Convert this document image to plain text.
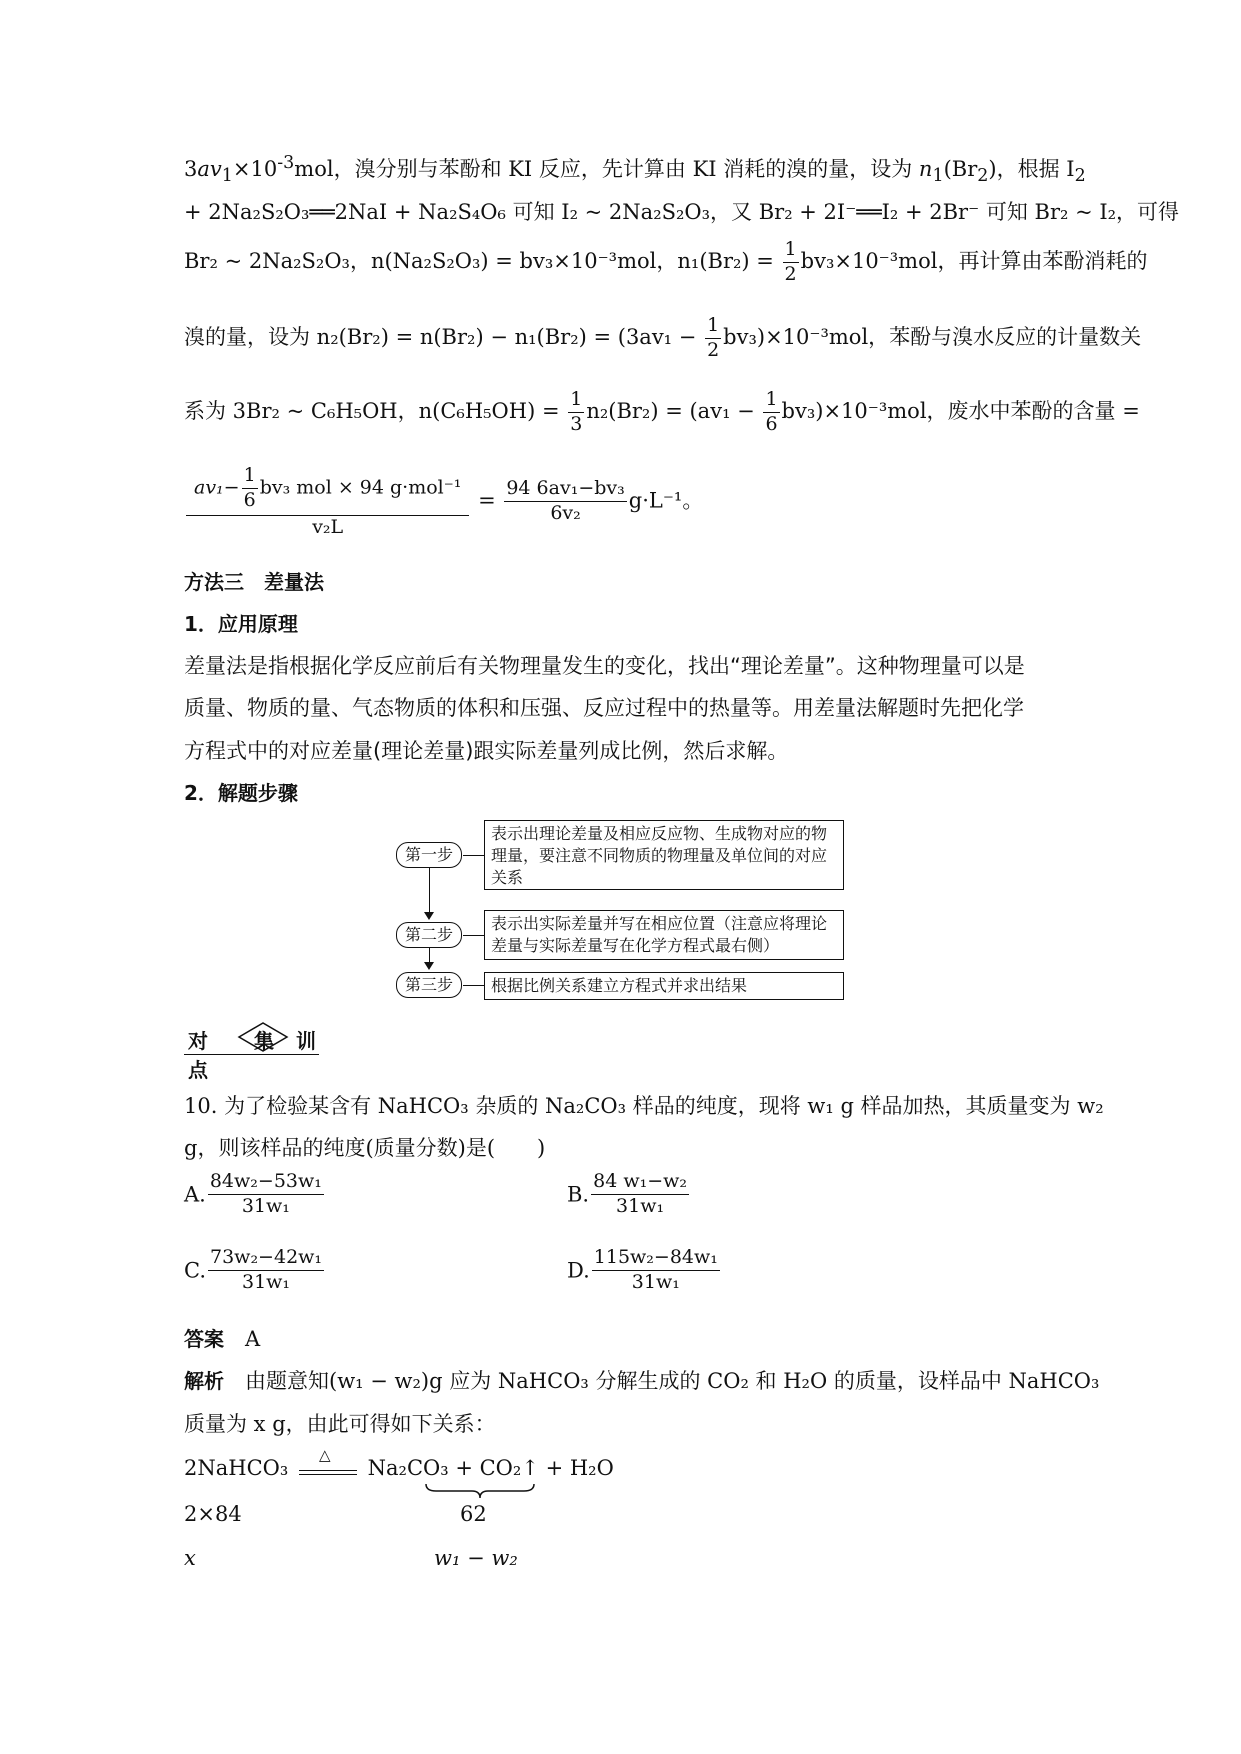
$3av_1\times 10^{-3}mol$，溴分别与苯酚和 KI 反应，先计算由 KI 消耗的溴的量，设为 $n_1(Br_2)$，根据 $I_2$
+ 2Na₂S₂O₃══2NaI + Na₂S₄O₆ 可知 I₂ ~ 2Na₂S₂O₃，又 Br₂ + 2I⁻══I₂ + 2Br⁻ 可知 Br₂ ~ I₂，可得
Br₂ ~ 2Na₂S₂O₃，n(Na₂S₂O₃) = bv₃×10⁻³mol，$n_1(Br_2) = \frac{1}{2} bv_3\times 10^{-3}mol$，再计算由苯酚消耗的
溴的量，设为 $n_2(Br_2) = n(Br_2) - n_1(Br_2) = (3av_1 - \frac{1}{2} bv_3)\times 10^{-3}mol$，苯酚与溴水反应的计量数关
系为 3Br₂ ~ C₆H₅OH，$n(C_6H_5OH) = \frac{1}{3} n_2(Br_2) = (av_1 - \frac{1}{6} bv_3)\times 10^{-3}mol$，废水中苯酚的含量 =
$\frac{av_1- \frac{1}{6} bv_3 mol \times 94 g\cdot mol^{-1}}{\text{v₂L}} = \frac{\text{94 6av₁−bv₃}}{\text{6v₂}} g\cdot L^{-1}$。
方法三　差量法
1．应用原理
差量法是指根据化学反应前后有关物理量发生的变化，找出“理论差量”。这种物理量可以是
质量、物质的量、气态物质的体积和压强、反应过程中的热量等。用差量法解题时先把化学
方程式中的对应差量(理论差量)跟实际差量列成比例，然后求解。
2．解题步骤
第一步
表示出理论差量及相应反应物、生成物对应的物理量，要注意不同物质的物理量及单位间的对应关系
第二步
表示出实际差量并写在相应位置（注意应将理论差量与实际差量写在化学方程式最右侧）
第三步	根据比例关系建立方程式并求出结果
对点
集 训
10. 为了检验某含有 NaHCO₃ 杂质的 Na₂CO₃ 样品的纯度，现将 w₁ g 样品加热，其质量变为 w₂
g，则该样品的纯度(质量分数)是(　　)
A. $\frac{\text{84w₂−53w₁}}{\text{31w₁}}$	B. $\frac{\text{84 w₁−w₂}}{\text{31w₁}}$
C. $\frac{\text{73w₂−42w₁}}{\text{31w₁}}$	D. $\frac{\text{115w₂−84w₁}}{\text{31w₁}}$
答案　 A
解析　 由题意知(w₁ − w₂)g 应为 NaHCO₃ 分解生成的 CO₂ 和 H₂O 的质量，设样品中 NaHCO₃
质量为 x g，由此可得如下关系：
2NaHCO₃
△
Na₂CO₃ + CO₂↑ + H₂O
2×84	62
x	w₁ − w₂
